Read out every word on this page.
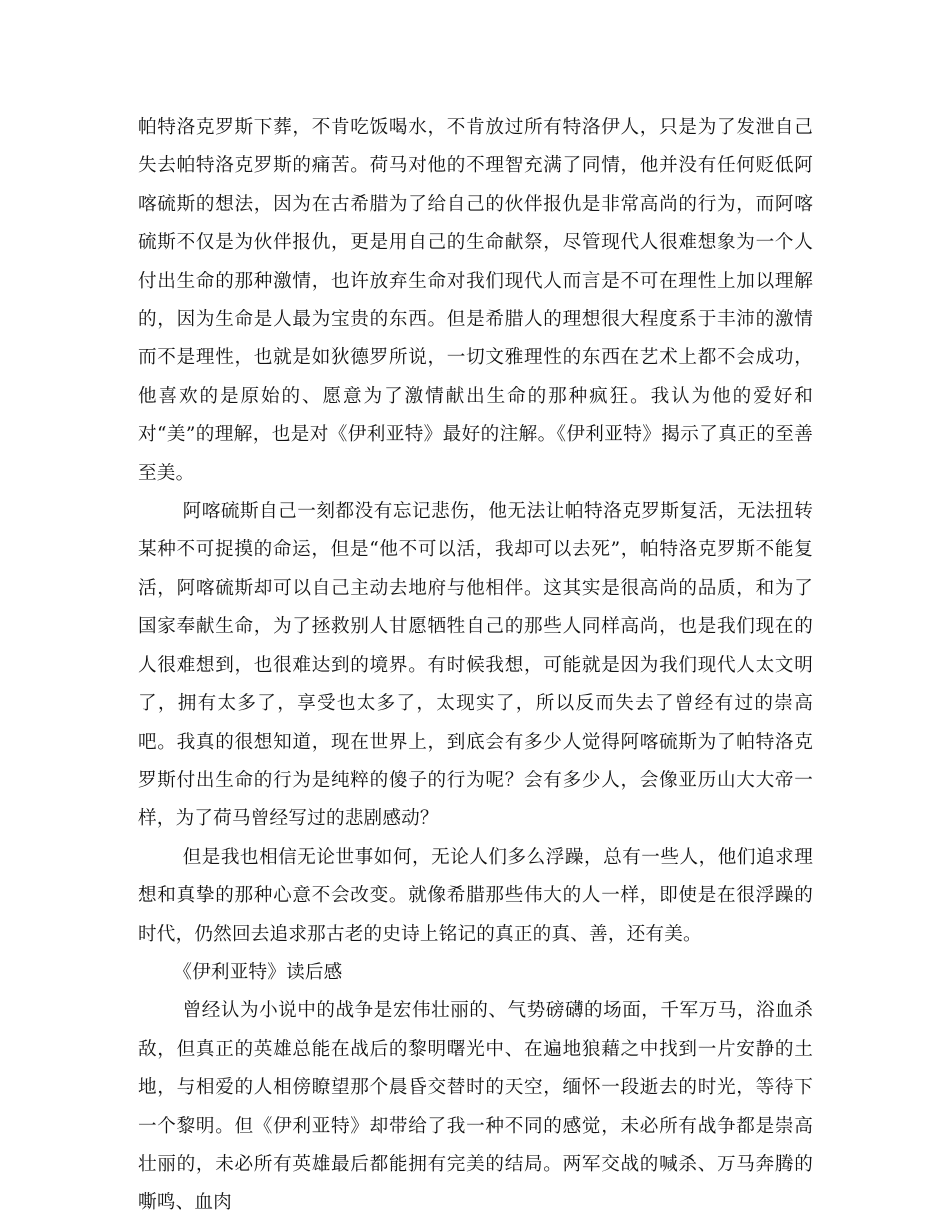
帕特洛克罗斯下葬，不肯吃饭喝水，不肯放过所有特洛伊人，只是为了发泄自己失去帕特洛克罗斯的痛苦。荷马对他的不理智充满了同情，他并没有任何贬低阿喀硫斯的想法，因为在古希腊为了给自己的伙伴报仇是非常高尚的行为，而阿喀硫斯不仅是为伙伴报仇，更是用自己的生命献祭，尽管现代人很难想象为一个人付出生命的那种激情，也许放弃生命对我们现代人而言是不可在理性上加以理解的，因为生命是人最为宝贵的东西。但是希腊人的理想很大程度系于丰沛的激情而不是理性，也就是如狄德罗所说，一切文雅理性的东西在艺术上都不会成功，他喜欢的是原始的、愿意为了激情献出生命的那种疯狂。我认为他的爱好和对“美”的理解，也是对《伊利亚特》最好的注解。《伊利亚特》揭示了真正的至善至美。

阿喀硫斯自己一刻都没有忘记悲伤，他无法让帕特洛克罗斯复活，无法扭转某种不可捉摸的命运，但是“他不可以活，我却可以去死”，帕特洛克罗斯不能复活，阿喀硫斯却可以自己主动去地府与他相伴。这其实是很高尚的品质，和为了国家奉献生命，为了拯救别人甘愿牺牲自己的那些人同样高尚，也是我们现在的人很难想到，也很难达到的境界。有时候我想，可能就是因为我们现代人太文明了，拥有太多了，享受也太多了，太现实了，所以反而失去了曾经有过的崇高吧。我真的很想知道，现在世界上，到底会有多少人觉得阿喀硫斯为了帕特洛克罗斯付出生命的行为是纯粹的傻子的行为呢？会有多少人，会像亚历山大大帝一样，为了荷马曾经写过的悲剧感动？

但是我也相信无论世事如何，无论人们多么浮躁，总有一些人，他们追求理想和真挚的那种心意不会改变。就像希腊那些伟大的人一样，即使是在很浮躁的时代，仍然回去追求那古老的史诗上铭记的真正的真、善，还有美。

《伊利亚特》读后感

曾经认为小说中的战争是宏伟壮丽的、气势磅礴的场面，千军万马，浴血杀敌，但真正的英雄总能在战后的黎明曙光中、在遍地狼藉之中找到一片安静的土地，与相爱的人相傍瞭望那个晨昏交替时的天空，缅怀一段逝去的时光，等待下一个黎明。但《伊利亚特》却带给了我一种不同的感觉，未必所有战争都是崇高壮丽的，未必所有英雄最后都能拥有完美的结局。两军交战的喊杀、万马奔腾的嘶鸣、血肉
